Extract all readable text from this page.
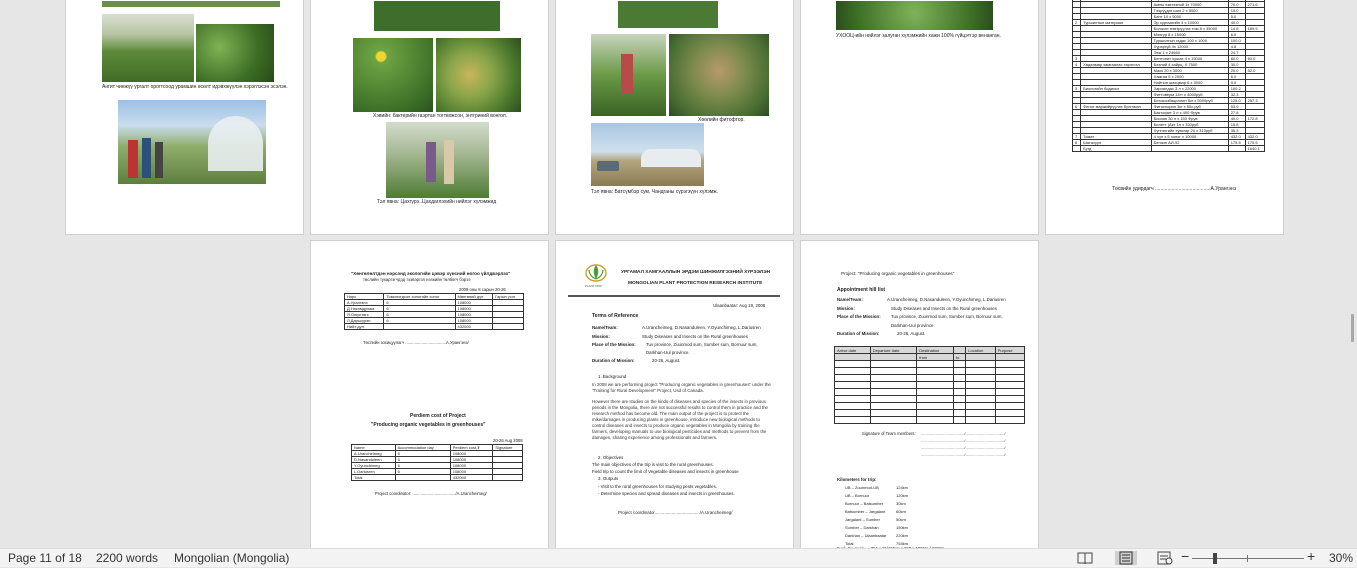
Ангит чинжүү ургалт орогтсоод урамшин өсөлт идэвхжүүлэн хэрэглэсэн эсэлэн.
Хэвийн: бактерийн гаэртан тогтвожсон, энтгриний вонгол.
Тэл явна: Цахгүрэ..Цахдаглэхийн нийлэг хүлэмжид
Хөөлийн фитофтор.
Тэл явна: Батсүмбэр сум, Чандганы сүрэгзүүн хүлэмж.
УХООЦ-ийн нийлэг залуган хүлэмжийн хажи 100% гүйцэтгэр венанган.

		Амны хэвтээний 1х 70000	70.0	271.6
		Тээрүүдэг шил 2 х 5000	10.0	
		Бант 10 х 5000	5.0	
2	Туршилтын материал	Эр хургаагийн 4 х 10000	40.0	
		Болзолт нэвтрүүлэх том 8 х 35000	14.8	169.5
		Мэнгүр 8 х 15000	6.0	
		Туршилтын гадас 100 х 1000	100.0	
		Хүрэргүй 4х 12000	4.8	
		Ээж 1 х 24660	24.7	
3		Бентонит хушах 4 х 15000	60.0	60.0
4	Хөдөлмөр хамгаалах хэрэгсэл	Бээлий 4 хайрц. Х 7500	30.0	
		Маск 20 х 3000	20.0	52.0
		Хамгаа 5 х 2000	6.0	
		Найтын шахцмар 6 х 3000	0.0	
5	Биологийн бодисыг	Зариалдах 3 л х 22000	100.2	
		Фиттоверм 14гт х 4000руб	32.3	
		Битоксибациллин 5кг х 5000руб	125.0	257.3
6	Фенот маржийрүүлэх бүлгэмэл	Фитоспорин 3кг х 50с.руб	53.9	
		Бактофит 3 л х 400 Фрув	27.8	
		Биохан 30 л х 150 Фрув	40.0	172.8
		Билетт (Акт 1л х 320руб	15.8	
		Хүнгэнгийн хувсгар 20 х 310руб	35.3	
7	Томат	4 хүн х 5 хоног х 10000	432.0	432.0
8	Шатахуун	Бензин АИ-92	175.5	175.5
	Бүгд			1640.1
Төсвийн удирдагч ........................................А.Урангэнэ
"Хөнгөлөлтдэн нэрсэнд экологийн цэвэр хүнсний ногоо үйлдвэрлэх"
төслийн тукаргэгчдэд тээвэргэл нэгжийн төлбөгч бэрээ
2008 оны 8 сарын 20-26
Нэрс	Томилогдсон хоногийн хоног	Мөнгөний дүн	Гарын үсэг
А.Урангэнэ	6	108000	
Д.Нэсэмдулам	6	108000	
Я.Оюунтөгс	6	108000	
Л.Дарьсүрэн	6	108000	
Нийт дүн		432000	
Төслийн зохицуулагч ...................................А.Урангэнэ/
Perdiem cost of Project
"Producing organic vegetables in greenhouses"
20-26 Aug 2008
Name	Accommodation day	Perdiem cost,₮	Signature
A.Urancheimeg	6	108000	
D.Nasanduleen	6	108000	
Y.Oyunchimeg	6	108000	
L.Dariusren	6	108000	
Total		432000	
Project coordinator: ...................................../A.Urancheimeg/
PLANT PRO
УРГАМАЛ ХАМГААЛЛЫН ЭРДЭМ ШИНЖИЛГЭЭНИЙ ХҮРЭЭЛЭН
MONGOLIAN PLANT PROTECTION RESEARCH INSTITUTE
Ulaanbaatar: Aug 19, 2008
Terms of Reference
Name/Team:	A.Urancheimeg, D.Nasanduleen, Y.Oyunchimeg, L.Dariusren
Mission:	Study Diseases and Insects on the Rural greenhouses
Place of the Mission: Tuv province, Zuunmod sum, Sumber sum, Bornuur sum,
Darkhan-Uul province.
Duration of Mission:	20-26, August.
1. Background
In 2008 we are performing project "Producing organic vegetables in greenhouses" under the "Training for Rural Development" Project, Usd of Canada.
However there are studies on the kinds of diseases and species of the insects in previous periods in the Mongolia, there are not successful results to control them in practice and the research method has become old. The main output of the project is to protect the mike/damages in producing plants in greenhouse, introduce new biological methods to control diseases and insects to produce organic vegetables in Mongolia by training the farmers, developing manuals to use biological pesticides and methods to prevent from the damages, sharing experience among professionals and farmers.
2. Objectives
The main objectives of the trip is visit to the rural greenhouses.
Field trip to count the limit of Vegetable diseases and insects in greenhouse
3. Outputs
- Visit to the rural greenhouses for studying pests vegetables.
- Determine species and spread diseases and insects in greenhouses.
Project coordinator...................................../A.Urancheimeg/
Project: "Producing organic vegetables in greenhouses"
Appointment hill list
Name/Team:	A.Urancheimeg, D.Nasanduleen, Y.Oyunchimeg, L.Dariusren
Mission:	Study Diseases and Insects on the Rural greenhouses
Place of the Mission: Tuv province, Zuunmod sum, Sumber sum, Bornuur sum,
Darkhan-Uul province.
Duration of Mission:	20-26, August.
Arrive date	Departure date	Destination		Location	Purpose
		from	to		

Signature of Team members: ......................................./.................................../
......................................./.................................../
......................................./.................................../
......................................./.................................../
Kilometers for trip:
UB – Zuunmod-UB	124km
UB – Bornuur	120km
Bornuur – Batsumber	30km
Batsumber – Jargalant	60km
Jargalant – Sumber	50km
Sumber – Darkhan	150km
Darkhan – Ulaanbaatar 220km
Total	754km
Page 11 of 18 2200 words Mongolian (Mongolia)	−	+ 30%
